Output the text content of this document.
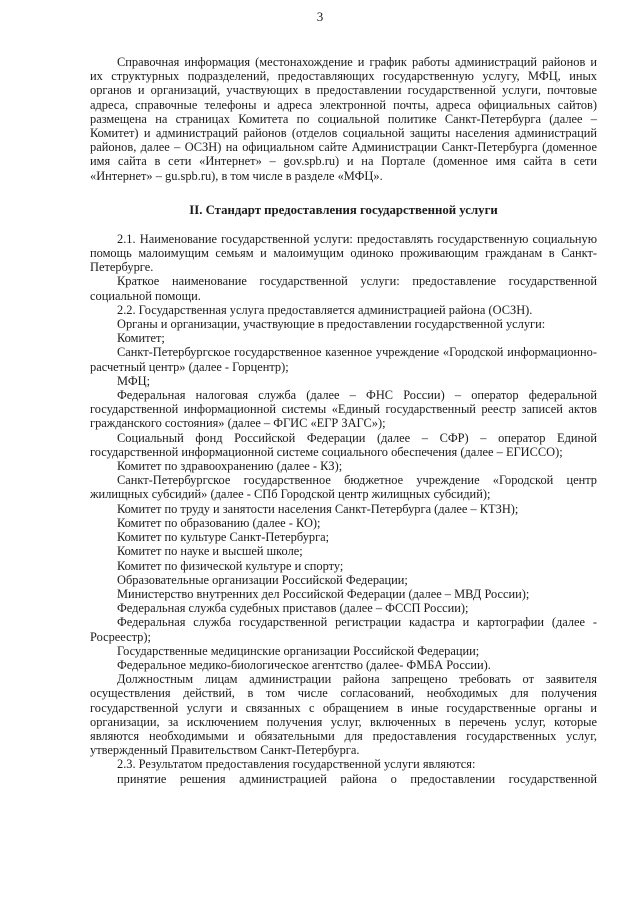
3

Справочная информация (местонахождение и график работы администраций районов и их структурных подразделений, предоставляющих государственную услугу, МФЦ, иных органов и организаций, участвующих в предоставлении государственной услуги, почтовые адреса, справочные телефоны и адреса электронной почты, адреса официальных сайтов) размещена на страницах Комитета по социальной политике Санкт-Петербурга (далее – Комитет) и администраций районов (отделов социальной защиты населения администраций районов, далее – ОСЗН) на официальном сайте Администрации Санкт-Петербурга (доменное имя сайта в сети «Интернет» – gov.spb.ru) и на Портале (доменное имя сайта в сети «Интернет» – gu.spb.ru), в том числе в разделе «МФЦ».

II. Стандарт предоставления государственной услуги

2.1. Наименование государственной услуги: предоставлять государственную социальную помощь малоимущим семьям и малоимущим одиноко проживающим гражданам в Санкт-Петербурге.

Краткое наименование государственной услуги: предоставление государственной социальной помощи.

2.2. Государственная услуга предоставляется администрацией района (ОСЗН).

Органы и организации, участвующие в предоставлении государственной услуги:

Комитет;

Санкт-Петербургское государственное казенное учреждение «Городской информационно-расчетный центр» (далее - Горцентр);

МФЦ;

Федеральная налоговая служба (далее – ФНС России) – оператор федеральной государственной информационной системы «Единый государственный реестр записей актов гражданского состояния» (далее – ФГИС «ЕГР ЗАГС»);

Социальный фонд Российской Федерации (далее – СФР) – оператор Единой государственной информационной системе социального обеспечения (далее – ЕГИССО);

Комитет по здравоохранению (далее - КЗ);

Санкт-Петербургское государственное бюджетное учреждение «Городской центр жилищных субсидий» (далее - СПб Городской центр жилищных субсидий);

Комитет по труду и занятости населения Санкт-Петербурга (далее – КТЗН);

Комитет по образованию (далее - КО);

Комитет по культуре Санкт-Петербурга;

Комитет по науке и высшей школе;

Комитет по физической культуре и спорту;

Образовательные организации Российской Федерации;

Министерство внутренних дел Российской Федерации (далее – МВД России);

Федеральная служба судебных приставов (далее – ФССП России);

Федеральная служба государственной регистрации кадастра и картографии (далее - Росреестр);

Государственные медицинские организации Российской Федерации;

Федеральное медико-биологическое агентство (далее- ФМБА России).

Должностным лицам администрации района запрещено требовать от заявителя осуществления действий, в том числе согласований, необходимых для получения государственной услуги и связанных с обращением в иные государственные органы и организации, за исключением получения услуг, включенных в перечень услуг, которые являются необходимыми и обязательными для предоставления государственных услуг, утвержденный Правительством Санкт-Петербурга.

2.3. Результатом предоставления государственной услуги являются:

принятие решения администрацией района о предоставлении государственной
